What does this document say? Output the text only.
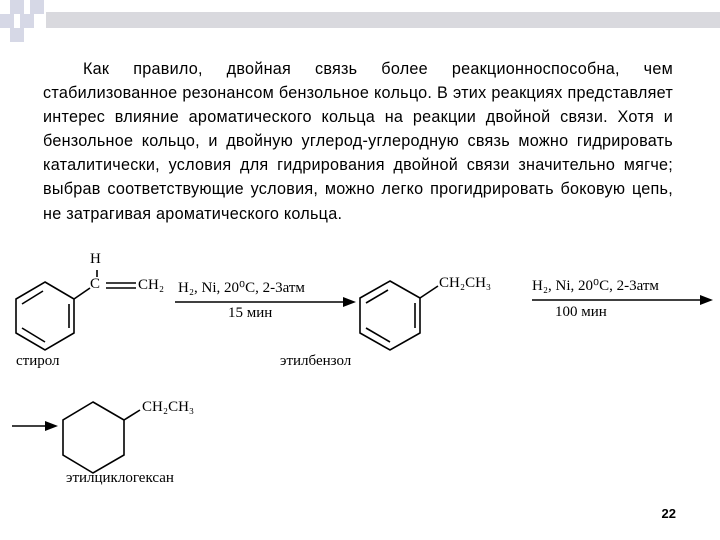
Как правило, двойная связь более реакционноспособна, чем стабилизованное резонансом бензольное кольцо. В этих реакциях представляет интерес влияние ароматического кольца на реакции двойной связи. Хотя и бензольное кольцо, и двойную углерод-углеродную связь можно гидрировать каталитически, условия для гидрирования двойной связи значительно мягче; выбрав соответствующие условия, можно легко прогидрировать боковую цепь, не затрагивая ароматического кольца.

H
C	CH₂
стирол
H₂, Ni, 20⁰С, 2-3атм
15 мин
CH₂CH₃
этилбензол
H₂, Ni, 20⁰С, 2-3атм
100 мин
CH₂CH₃
этилциклогексан
22
